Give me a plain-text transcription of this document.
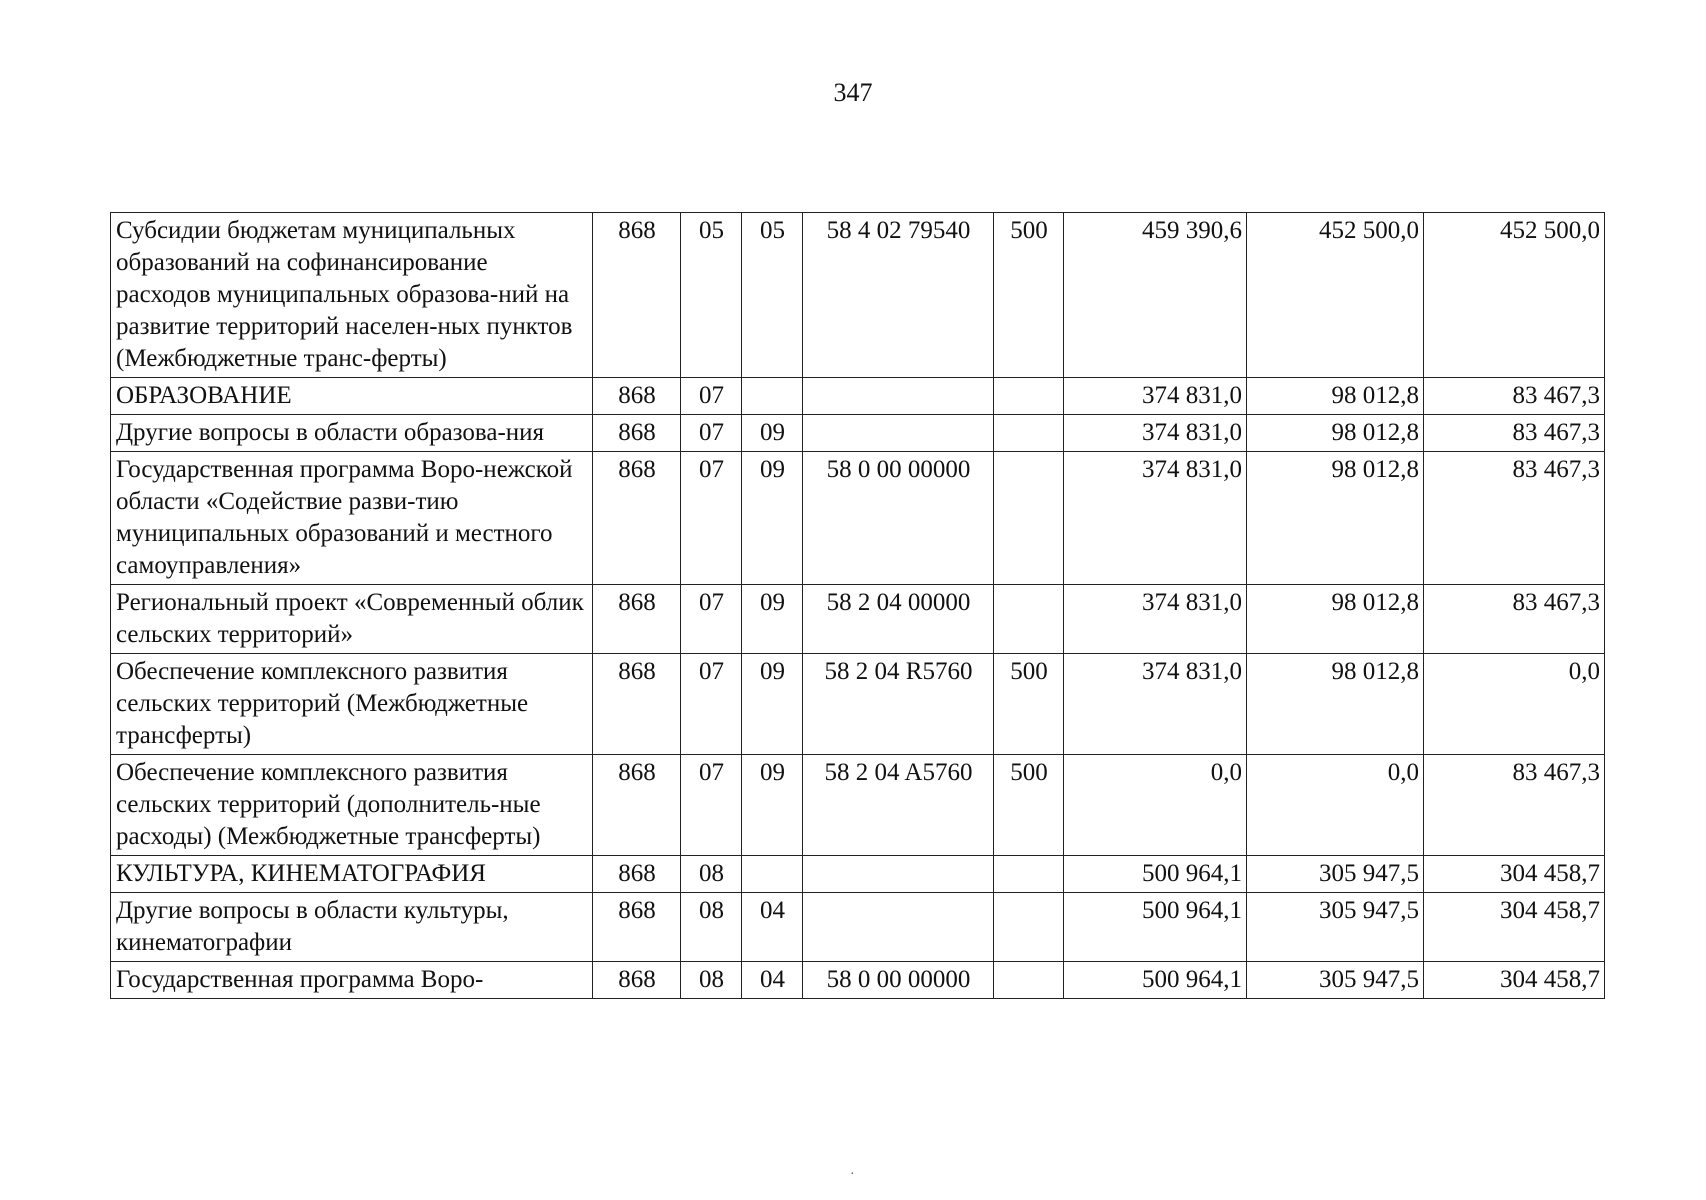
347
Субсидии бюджетам муниципальных образований на софинансирование расходов муниципальных образова-ний на развитие территорий населен-ных пунктов (Межбюджетные транс-ферты)	868	05	05	58 4 02 79540	500	459 390,6	452 500,0	452 500,0
ОБРАЗОВАНИЕ	868	07				374 831,0	98 012,8	83 467,3
Другие вопросы в области образова-ния	868	07	09			374 831,0	98 012,8	83 467,3
Государственная программа Воро-нежской области «Содействие разви-тию муниципальных образований и местного самоуправления»	868	07	09	58 0 00 00000		374 831,0	98 012,8	83 467,3
Региональный проект «Современный облик сельских территорий»	868	07	09	58 2 04 00000		374 831,0	98 012,8	83 467,3
Обеспечение комплексного развития сельских территорий (Межбюджетные трансферты)	868	07	09	58 2 04 R5760	500	374 831,0	98 012,8	0,0
Обеспечение комплексного развития сельских территорий (дополнитель-ные расходы) (Межбюджетные трансферты)	868	07	09	58 2 04 A5760	500	0,0	0,0	83 467,3
КУЛЬТУРА, КИНЕМАТОГРАФИЯ	868	08				500 964,1	305 947,5	304 458,7
Другие вопросы в области культуры, кинематографии	868	08	04			500 964,1	305 947,5	304 458,7
Государственная программа Воро-	868	08	04	58 0 00 00000		500 964,1	305 947,5	304 458,7
·
